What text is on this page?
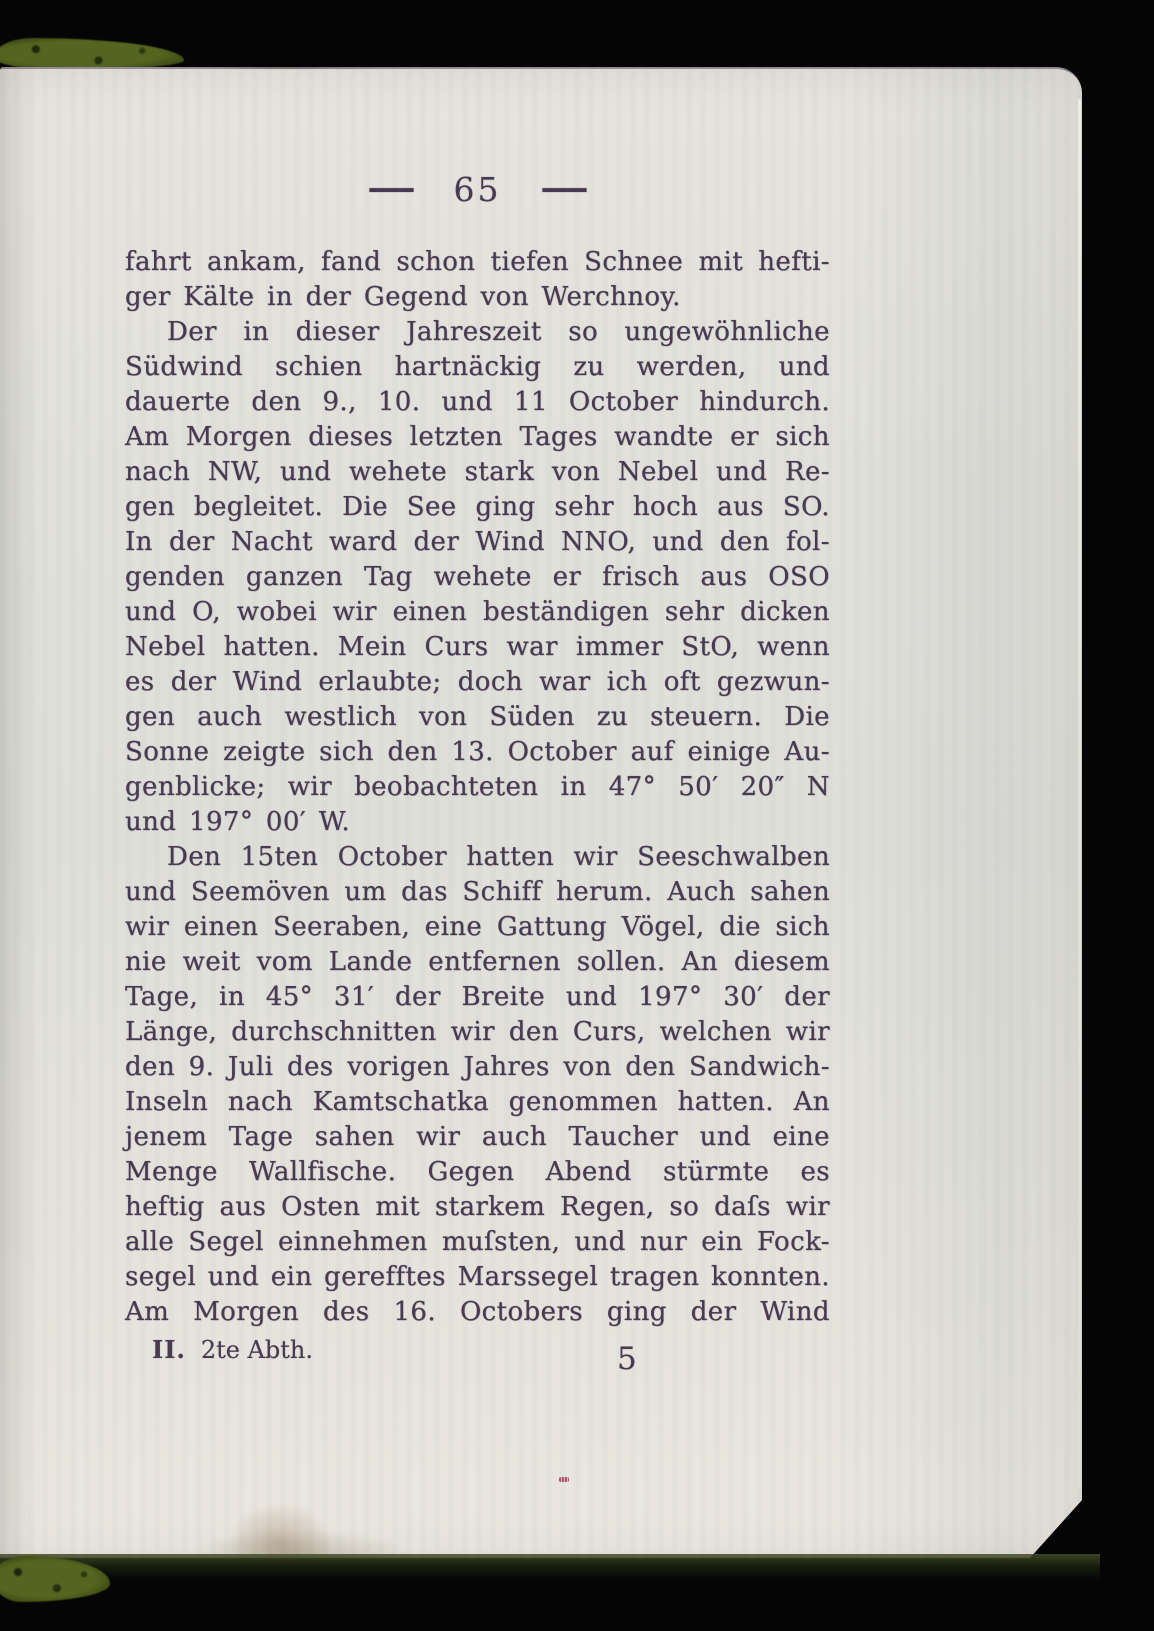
— 65 —
fahrt ankam, fand schon tiefen Schnee mit hefti-
ger Kälte in der Gegend von Werchnoy.
Der in dieser Jahreszeit so ungewöhnliche
Südwind schien hartnäckig zu werden, und
dauerte den 9., 10. und 11 October hindurch.
Am Morgen dieses letzten Tages wandte er sich
nach NW, und wehete stark von Nebel und Re-
gen begleitet. Die See ging sehr hoch aus SO.
In der Nacht ward der Wind NNO, und den fol-
genden ganzen Tag wehete er frisch aus OSO
und O, wobei wir einen beständigen sehr dicken
Nebel hatten. Mein Curs war immer StO, wenn
es der Wind erlaubte; doch war ich oft gezwun-
gen auch westlich von Süden zu steuern. Die
Sonne zeigte sich den 13. October auf einige Au-
genblicke; wir beobachteten in 47° 50′ 20″ N
und 197° 00′ W.
Den 15ten October hatten wir Seeschwalben
und Seemöven um das Schiff herum. Auch sahen
wir einen Seeraben, eine Gattung Vögel, die sich
nie weit vom Lande entfernen sollen. An diesem
Tage, in 45° 31′ der Breite und 197° 30′ der
Länge, durchschnitten wir den Curs, welchen wir
den 9. Juli des vorigen Jahres von den Sandwich-
Inseln nach Kamtschatka genommen hatten. An
jenem Tage sahen wir auch Taucher und eine
Menge Wallfische. Gegen Abend stürmte es
heftig aus Osten mit starkem Regen, so daſs wir
alle Segel einnehmen muſsten, und nur ein Fock-
segel und ein gerefftes Marssegel tragen konnten.
Am Morgen des 16. Octobers ging der Wind
II. 2te Abth.	5
